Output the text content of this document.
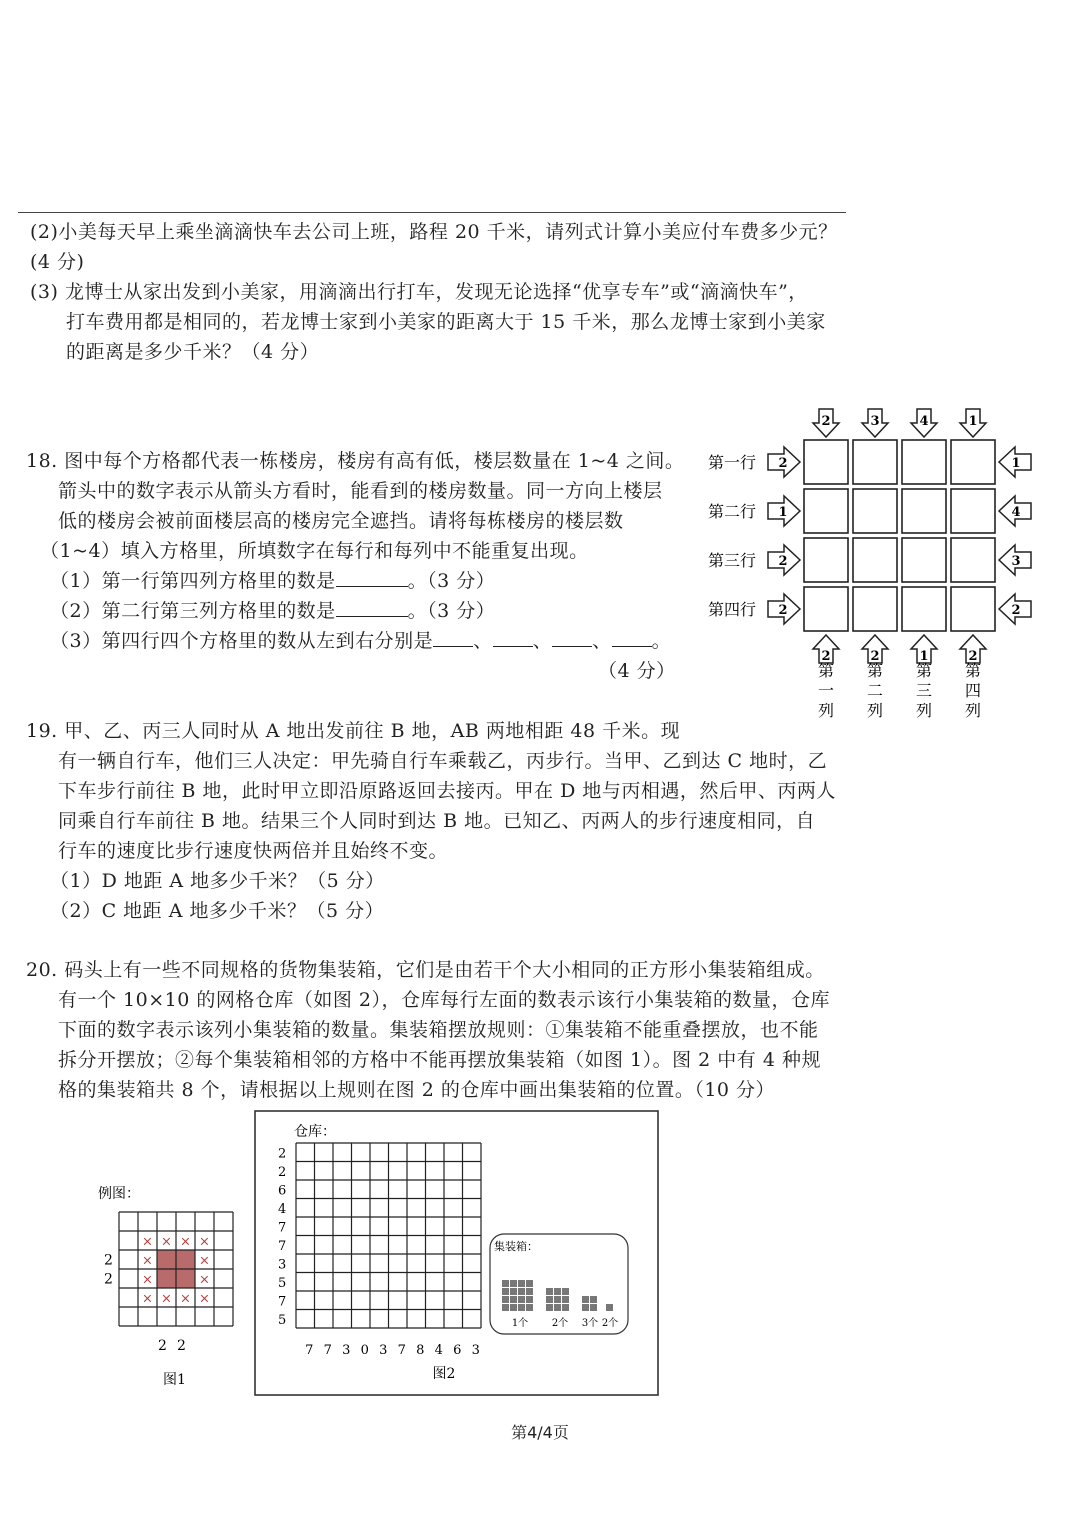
(2)小美每天早上乘坐滴滴快车去公司上班，路程 20 千米，请列式计算小美应付车费多少元？
(4 分)
(3) 龙博士从家出发到小美家，用滴滴出行打车，发现无论选择“优享专车”或“滴滴快车”，
打车费用都是相同的，若龙博士家到小美家的距离大于 15 千米，那么龙博士家到小美家
的距离是多少千米？（4 分）
18. 图中每个方格都代表一栋楼房，楼房有高有低，楼层数量在 1~4 之间。
箭头中的数字表示从箭头方看时，能看到的楼房数量。同一方向上楼层
低的楼房会被前面楼层高的楼房完全遮挡。请将每栋楼房的楼层数
（1~4）填入方格里，所填数字在每行和每列中不能重复出现。
（1）第一行第四列方格里的数是	。（3 分）
（2）第二行第三列方格里的数是	。（3 分）
（3）第四行四个方格里的数从左到右分别是 、 、 、 。
（4 分）
2
2
3
2
4
1
1
2
2	1
第一行
1	4
第二行
2	3
第三行
2	2
第四行
第
一
列
第
二
列
第
三
列
第
四
列
19. 甲、乙、丙三人同时从 A 地出发前往 B 地，AB 两地相距 48 千米。现
有一辆自行车，他们三人决定：甲先骑自行车乘载乙，丙步行。当甲、乙到达 C 地时，乙
下车步行前往 B 地，此时甲立即沿原路返回去接丙。甲在 D 地与丙相遇，然后甲、丙两人
同乘自行车前往 B 地。结果三个人同时到达 B 地。已知乙、丙两人的步行速度相同，自
行车的速度比步行速度快两倍并且始终不变。
（1）D 地距 A 地多少千米？（5 分）
（2）C 地距 A 地多少千米？（5 分）
20. 码头上有一些不同规格的货物集装箱，它们是由若干个大小相同的正方形小集装箱组成。
有一个 10×10 的网格仓库（如图 2），仓库每行左面的数表示该行小集装箱的数量，仓库
下面的数字表示该列小集装箱的数量。集装箱摆放规则：①集装箱不能重叠摆放，也不能
拆分开摆放；②每个集装箱相邻的方格中不能再摆放集装箱（如图 1）。图 2 中有 4 种规
格的集装箱共 8 个，请根据以上规则在图 2 的仓库中画出集装箱的位置。（10 分）
例图：
× × × ×
×	×
×	×
× × × ×
2
2
2 2
图1
仓库：
2
2
6
4
7
7
3
5
7
5
7 7 3 0 3 7 8 4 6 3
图2
集装箱：
1个 2个 3个 2个
第4/4页
